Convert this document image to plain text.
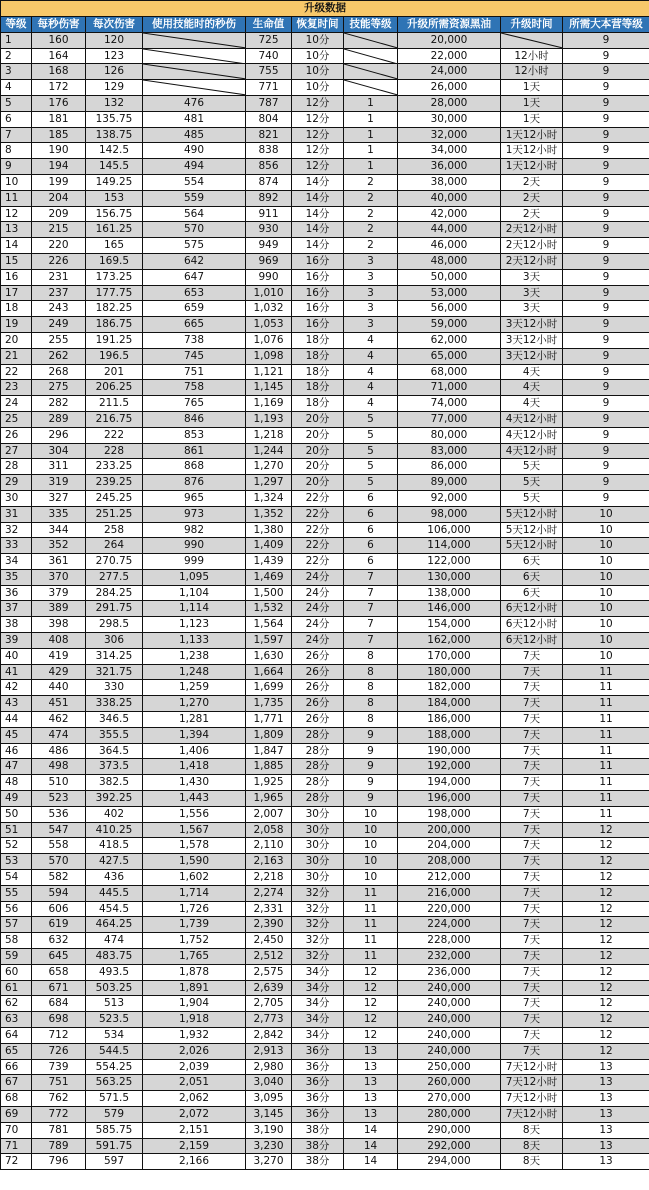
升级数据									
等级	每秒伤害	每次伤害	使用技能时的秒伤	生命值	恢复时间	技能等级	升级所需资源黑油	升级时间	所需大本营等级
1	160	120		725	10分		20,000		9
2	164	123		740	10分		22,000	12小时	9
3	168	126		755	10分		24,000	12小时	9
4	172	129		771	10分		26,000	1天	9
5	176	132	476	787	12分	1	28,000	1天	9
6	181	135.75	481	804	12分	1	30,000	1天	9
7	185	138.75	485	821	12分	1	32,000	1天12小时	9
8	190	142.5	490	838	12分	1	34,000	1天12小时	9
9	194	145.5	494	856	12分	1	36,000	1天12小时	9
10	199	149.25	554	874	14分	2	38,000	2天	9
11	204	153	559	892	14分	2	40,000	2天	9
12	209	156.75	564	911	14分	2	42,000	2天	9
13	215	161.25	570	930	14分	2	44,000	2天12小时	9
14	220	165	575	949	14分	2	46,000	2天12小时	9
15	226	169.5	642	969	16分	3	48,000	2天12小时	9
16	231	173.25	647	990	16分	3	50,000	3天	9
17	237	177.75	653	1,010	16分	3	53,000	3天	9
18	243	182.25	659	1,032	16分	3	56,000	3天	9
19	249	186.75	665	1,053	16分	3	59,000	3天12小时	9
20	255	191.25	738	1,076	18分	4	62,000	3天12小时	9
21	262	196.5	745	1,098	18分	4	65,000	3天12小时	9
22	268	201	751	1,121	18分	4	68,000	4天	9
23	275	206.25	758	1,145	18分	4	71,000	4天	9
24	282	211.5	765	1,169	18分	4	74,000	4天	9
25	289	216.75	846	1,193	20分	5	77,000	4天12小时	9
26	296	222	853	1,218	20分	5	80,000	4天12小时	9
27	304	228	861	1,244	20分	5	83,000	4天12小时	9
28	311	233.25	868	1,270	20分	5	86,000	5天	9
29	319	239.25	876	1,297	20分	5	89,000	5天	9
30	327	245.25	965	1,324	22分	6	92,000	5天	9
31	335	251.25	973	1,352	22分	6	98,000	5天12小时	10
32	344	258	982	1,380	22分	6	106,000	5天12小时	10
33	352	264	990	1,409	22分	6	114,000	5天12小时	10
34	361	270.75	999	1,439	22分	6	122,000	6天	10
35	370	277.5	1,095	1,469	24分	7	130,000	6天	10
36	379	284.25	1,104	1,500	24分	7	138,000	6天	10
37	389	291.75	1,114	1,532	24分	7	146,000	6天12小时	10
38	398	298.5	1,123	1,564	24分	7	154,000	6天12小时	10
39	408	306	1,133	1,597	24分	7	162,000	6天12小时	10
40	419	314.25	1,238	1,630	26分	8	170,000	7天	10
41	429	321.75	1,248	1,664	26分	8	180,000	7天	11
42	440	330	1,259	1,699	26分	8	182,000	7天	11
43	451	338.25	1,270	1,735	26分	8	184,000	7天	11
44	462	346.5	1,281	1,771	26分	8	186,000	7天	11
45	474	355.5	1,394	1,809	28分	9	188,000	7天	11
46	486	364.5	1,406	1,847	28分	9	190,000	7天	11
47	498	373.5	1,418	1,885	28分	9	192,000	7天	11
48	510	382.5	1,430	1,925	28分	9	194,000	7天	11
49	523	392.25	1,443	1,965	28分	9	196,000	7天	11
50	536	402	1,556	2,007	30分	10	198,000	7天	11
51	547	410.25	1,567	2,058	30分	10	200,000	7天	12
52	558	418.5	1,578	2,110	30分	10	204,000	7天	12
53	570	427.5	1,590	2,163	30分	10	208,000	7天	12
54	582	436	1,602	2,218	30分	10	212,000	7天	12
55	594	445.5	1,714	2,274	32分	11	216,000	7天	12
56	606	454.5	1,726	2,331	32分	11	220,000	7天	12
57	619	464.25	1,739	2,390	32分	11	224,000	7天	12
58	632	474	1,752	2,450	32分	11	228,000	7天	12
59	645	483.75	1,765	2,512	32分	11	232,000	7天	12
60	658	493.5	1,878	2,575	34分	12	236,000	7天	12
61	671	503.25	1,891	2,639	34分	12	240,000	7天	12
62	684	513	1,904	2,705	34分	12	240,000	7天	12
63	698	523.5	1,918	2,773	34分	12	240,000	7天	12
64	712	534	1,932	2,842	34分	12	240,000	7天	12
65	726	544.5	2,026	2,913	36分	13	240,000	7天	12
66	739	554.25	2,039	2,980	36分	13	250,000	7天12小时	13
67	751	563.25	2,051	3,040	36分	13	260,000	7天12小时	13
68	762	571.5	2,062	3,095	36分	13	270,000	7天12小时	13
69	772	579	2,072	3,145	36分	13	280,000	7天12小时	13
70	781	585.75	2,151	3,190	38分	14	290,000	8天	13
71	789	591.75	2,159	3,230	38分	14	292,000	8天	13
72	796	597	2,166	3,270	38分	14	294,000	8天	13
